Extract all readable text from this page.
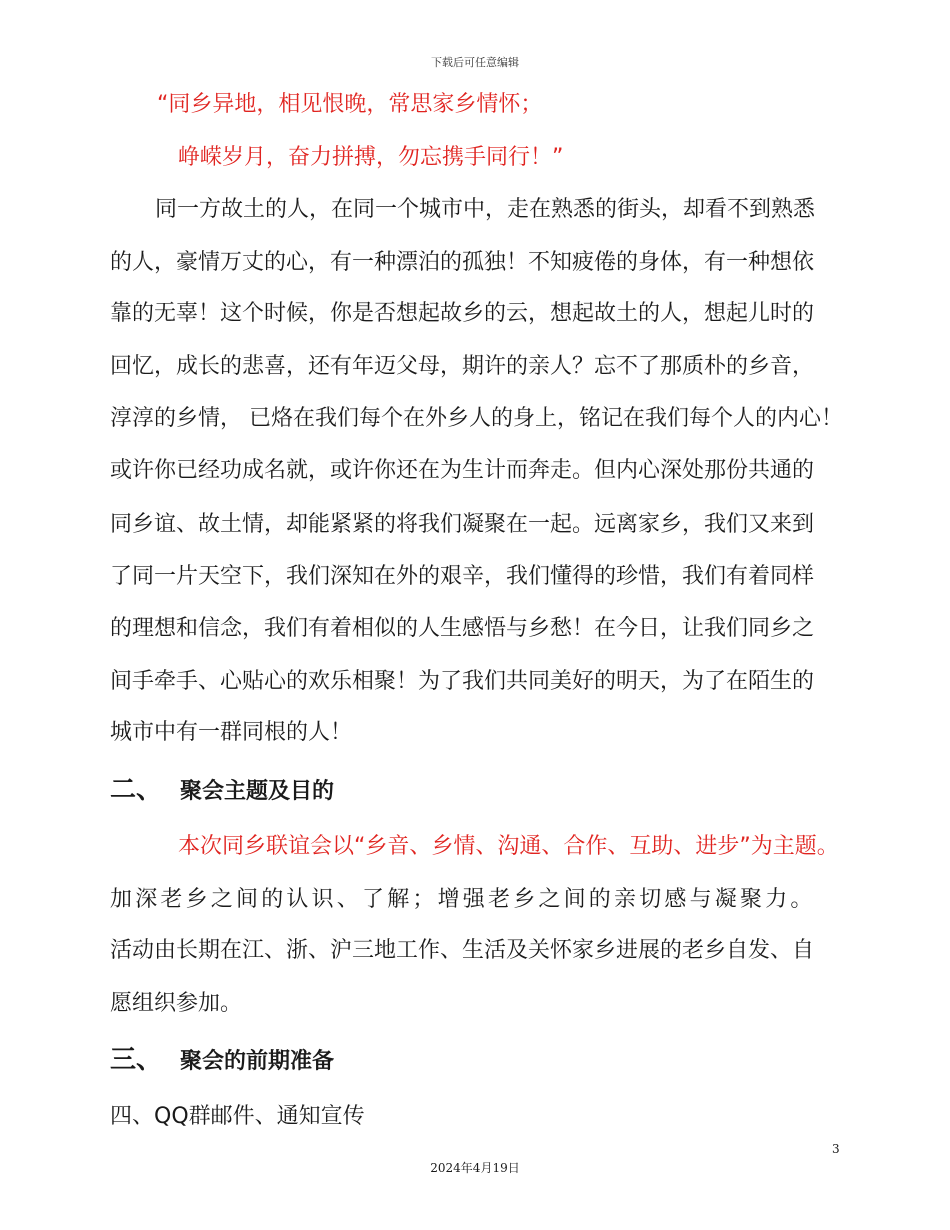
下载后可任意编辑
“同乡异地，相见恨晚，常思家乡情怀；
峥嵘岁月，奋力拼搏，勿忘携手同行！”
同一方故土的人，在同一个城市中，走在熟悉的街头，却看不到熟悉
的人，豪情万丈的心，有一种漂泊的孤独！不知疲倦的身体，有一种想依
靠的无辜！这个时候，你是否想起故乡的云，想起故土的人，想起儿时的
回忆，成长的悲喜，还有年迈父母，期许的亲人？忘不了那质朴的乡音，
淳淳的乡情， 已烙在我们每个在外乡人的身上，铭记在我们每个人的内心！
或许你已经功成名就，或许你还在为生计而奔走。但内心深处那份共通的
同乡谊、故土情，却能紧紧的将我们凝聚在一起。远离家乡，我们又来到
了同一片天空下，我们深知在外的艰辛，我们懂得的珍惜，我们有着同样
的理想和信念，我们有着相似的人生感悟与乡愁！在今日，让我们同乡之
间手牵手、心贴心的欢乐相聚！为了我们共同美好的明天，为了在陌生的
城市中有一群同根的人！
二、 聚会主题及目的
本次同乡联谊会以“乡音、乡情、沟通、合作、互助、进步”为主题。
加深老乡之间的认识、了解；增强老乡之间的亲切感与凝聚力。
活动由长期在江、浙、沪三地工作、生活及关怀家乡进展的老乡自发、自
愿组织参加。
三、 聚会的前期准备
四、QQ群邮件、通知宣传
3
2024年4月19日
